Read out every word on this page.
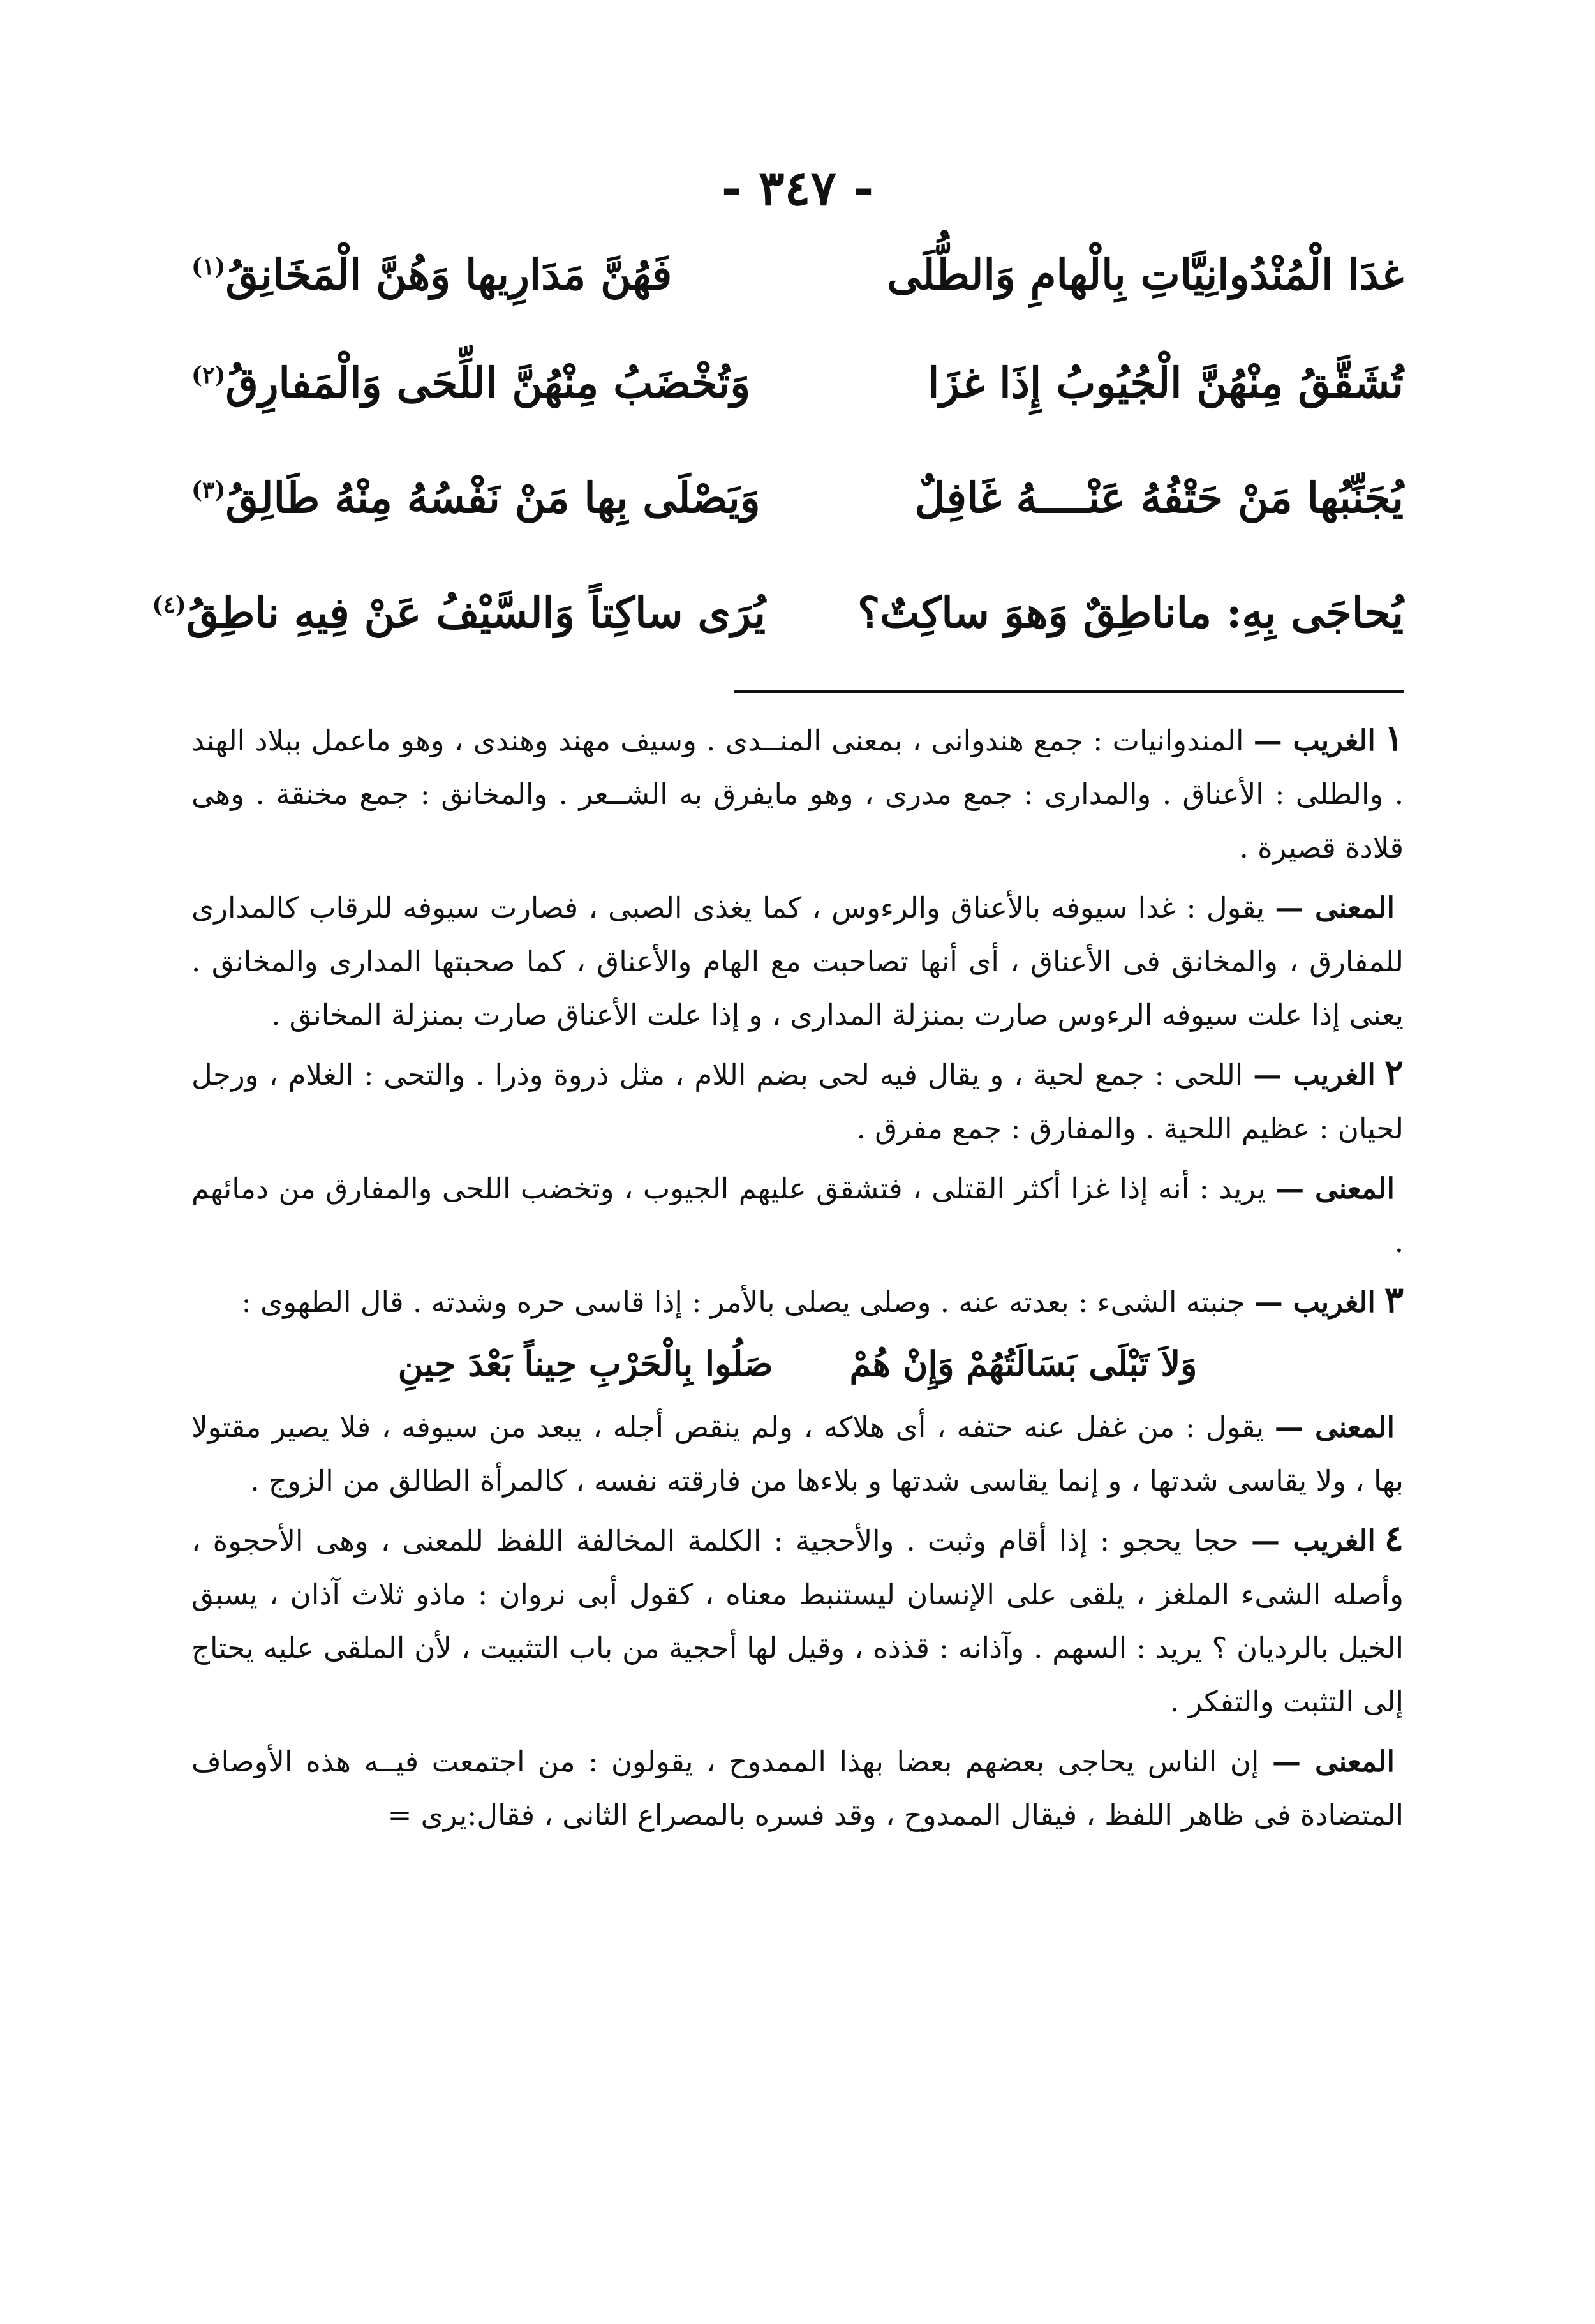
- ٣٤٧ -
غدَا الْمُنْدُوانِيَّاتِ بِالْهامِ وَالطُّلَى
فَهُنَّ مَدَارِيها وَهُنَّ الْمَخَانِقُ$^{(١)}$
تُشَقَّقُ مِنْهُنَّ الْجُيُوبُ إِذَا غزَا
وَتُخْضَبُ مِنْهُنَّ اللِّحَى وَالْمَفارِقُ$^{(٢)}$
يُجَنِّبُها مَنْ حَتْفُهُ عَنْــــهُ غَافِلٌ
وَيَصْلَى بِها مَنْ نَفْسُهُ مِنْهُ طَالِقُ$^{(٣)}$
يُحاجَى بِهِ: ماناطِقٌ وَهوَ ساكِتٌ؟
يُرَى ساكِتاً وَالسَّيْفُ عَنْ فِيهِ ناطِقُ$^{(٤)}$

١الغريب — المندوانيات : جمع هندوانى ، بمعنى المنــدى . وسيف مهند وهندى ، وهو ماعمل ببلاد الهند . والطلى : الأعناق . والمدارى : جمع مدرى ، وهو مايفرق به الشــعر . والمخانق : جمع مخنقة . وهى قلادة قصيرة .

المعنى — يقول : غدا سيوفه بالأعناق والرءوس ، كما يغذى الصبى ، فصارت سيوفه للرقاب كالمدارى للمفارق ، والمخانق فى الأعناق ، أى أنها تصاحبت مع الهام والأعناق ، كما صحبتها المدارى والمخانق . يعنى إذا علت سيوفه الرءوس صارت بمنزلة المدارى ، و إذا علت الأعناق صارت بمنزلة المخانق .

٢الغريب — اللحى : جمع لحية ، و يقال فيه لحى بضم اللام ، مثل ذروة وذرا . والتحى : الغلام ، ورجل لحيان : عظيم اللحية . والمفارق : جمع مفرق .

المعنى — يريد : أنه إذا غزا أكثر القتلى ، فتشقق عليهم الجيوب ، وتخضب اللحى والمفارق من دمائهم .

٣الغريب — جنبته الشىء : بعدته عنه . وصلى يصلى بالأمر : إذا قاسى حره وشدته . قال الطهوى :

وَلاَ تَبْلَى بَسَالَتُهُمْ وَإِنْ هُمْ
صَلُوا بِالْحَرْبِ حِيناً بَعْدَ حِينِ

المعنى — يقول : من غفل عنه حتفه ، أى هلاكه ، ولم ينقص أجله ، يبعد من سيوفه ، فلا يصير مقتولا بها ، ولا يقاسى شدتها ، و إنما يقاسى شدتها و بلاءها من فارقته نفسه ، كالمرأة الطالق من الزوج .

٤الغريب — حجا يحجو : إذا أقام وثبت . والأحجية : الكلمة المخالفة اللفظ للمعنى ، وهى الأحجوة ، وأصله الشىء الملغز ، يلقى على الإنسان ليستنبط معناه ، كقول أبى نروان : ماذو ثلاث آذان ، يسبق الخيل بالرديان ؟ يريد : السهم . وآذانه : قذذه ، وقيل لها أحجية من باب التثبيت ، لأن الملقى عليه يحتاج إلى التثبت والتفكر .

المعنى — إن الناس يحاجى بعضهم بعضا بهذا الممدوح ، يقولون : من اجتمعت فيــه هذه الأوصاف المتضادة فى ظاهر اللفظ ، فيقال الممدوح ، وقد فسره بالمصراع الثانى ، فقال:يرى =
